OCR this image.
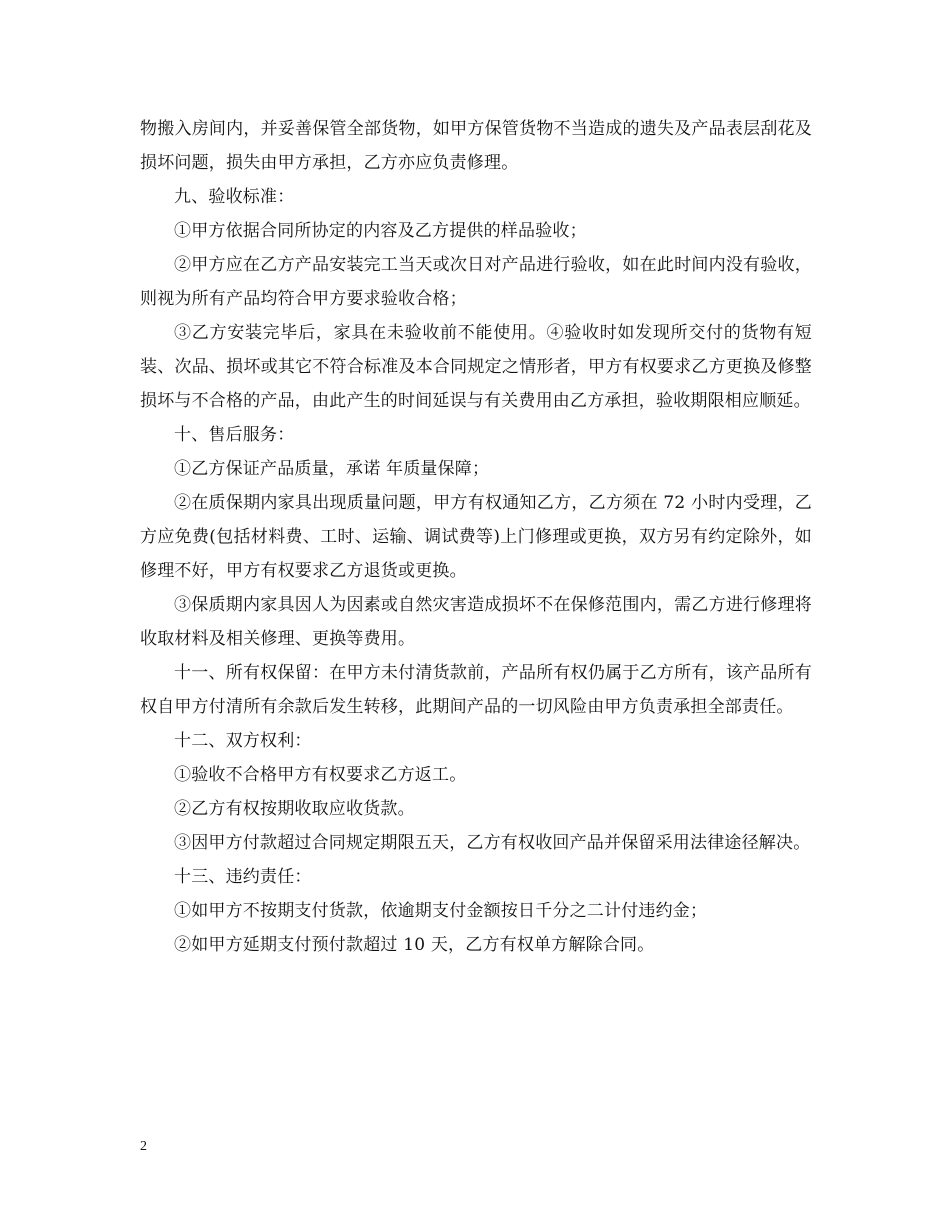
物搬入房间内，并妥善保管全部货物，如甲方保管货物不当造成的遗失及产品表层刮花及损坏问题，损失由甲方承担，乙方亦应负责修理。

九、验收标准：

①甲方依据合同所协定的内容及乙方提供的样品验收；

②甲方应在乙方产品安装完工当天或次日对产品进行验收，如在此时间内没有验收，则视为所有产品均符合甲方要求验收合格；

③乙方安装完毕后，家具在未验收前不能使用。④验收时如发现所交付的货物有短装、次品、损坏或其它不符合标准及本合同规定之情形者，甲方有权要求乙方更换及修整损坏与不合格的产品，由此产生的时间延误与有关费用由乙方承担，验收期限相应顺延。

十、售后服务：

①乙方保证产品质量，承诺 年质量保障；

②在质保期内家具出现质量问题，甲方有权通知乙方，乙方须在 72 小时内受理，乙方应免费(包括材料费、工时、运输、调试费等)上门修理或更换，双方另有约定除外，如修理不好，甲方有权要求乙方退货或更换。

③保质期内家具因人为因素或自然灾害造成损坏不在保修范围内，需乙方进行修理将收取材料及相关修理、更换等费用。

十一、所有权保留：在甲方未付清货款前，产品所有权仍属于乙方所有，该产品所有权自甲方付清所有余款后发生转移，此期间产品的一切风险由甲方负责承担全部责任。

十二、双方权利：

①验收不合格甲方有权要求乙方返工。

②乙方有权按期收取应收货款。

③因甲方付款超过合同规定期限五天，乙方有权收回产品并保留采用法律途径解决。

十三、违约责任：

①如甲方不按期支付货款，依逾期支付金额按日千分之二计付违约金；

②如甲方延期支付预付款超过 10 天，乙方有权单方解除合同。

2
